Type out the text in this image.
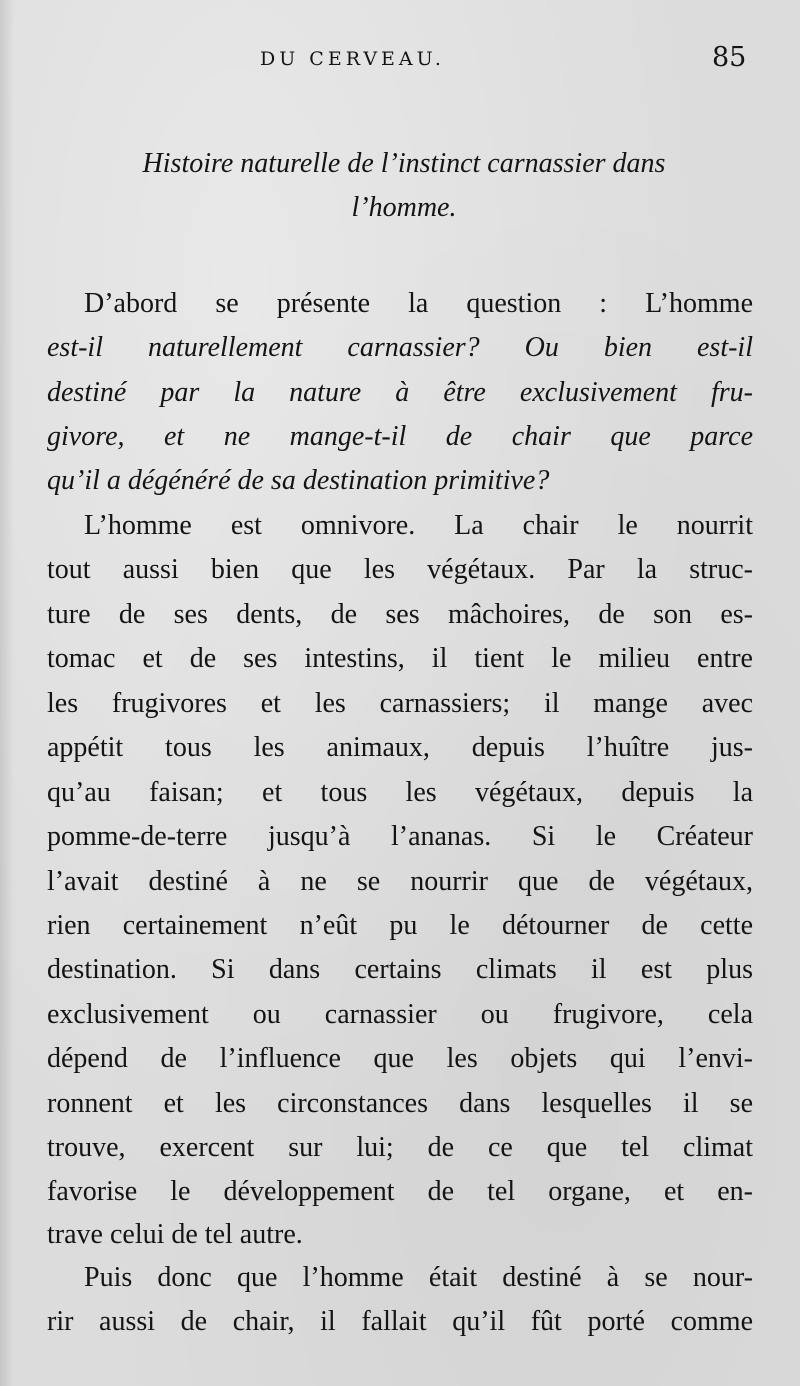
DU CERVEAU.	85
Histoire naturelle de l’instinct carnassier dans
l’homme.
D’abord se présente la question : L’homme
est-il naturellement carnassier? Ou bien est-il
destiné par la nature à être exclusivement fru-
givore, et ne mange-t-il de chair que parce
qu’il a dégénéré de sa destination primitive?
L’homme est omnivore. La chair le nourrit
tout aussi bien que les végétaux. Par la struc-
ture de ses dents, de ses mâchoires, de son es-
tomac et de ses intestins, il tient le milieu entre
les frugivores et les carnassiers; il mange avec
appétit tous les animaux, depuis l’huître jus-
qu’au faisan; et tous les végétaux, depuis la
pomme-de-terre jusqu’à l’ananas. Si le Créateur
l’avait destiné à ne se nourrir que de végétaux,
rien certainement n’eût pu le détourner de cette
destination. Si dans certains climats il est plus
exclusivement ou carnassier ou frugivore, cela
dépend de l’influence que les objets qui l’envi-
ronnent et les circonstances dans lesquelles il se
trouve, exercent sur lui; de ce que tel climat
favorise le développement de tel organe, et en-
trave celui de tel autre.
Puis donc que l’homme était destiné à se nour-
rir aussi de chair, il fallait qu’il fût porté comme
